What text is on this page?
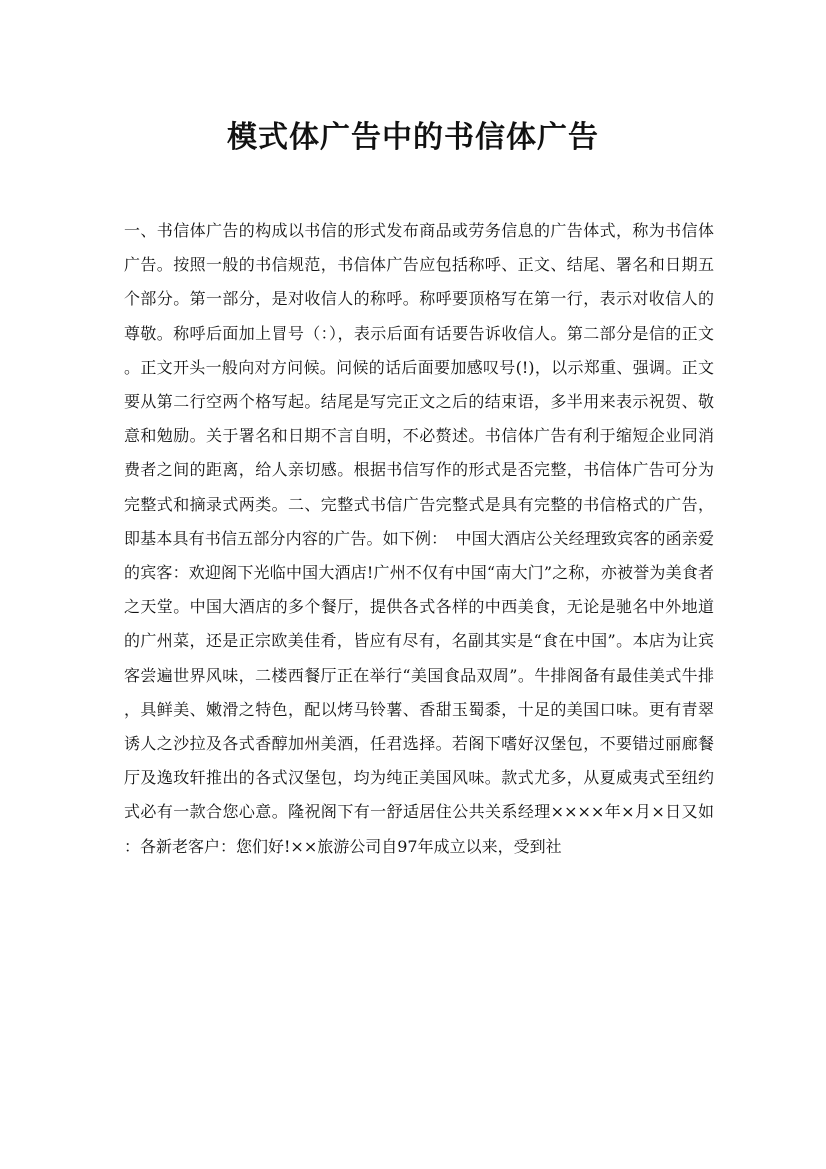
模式体广告中的书信体广告

一、书信体广告的构成以书信的形式发布商品或劳务信息的广告体式，称为书信体广告。按照一般的书信规范，书信体广告应包括称呼、正文、结尾、署名和日期五个部分。第一部分，是对收信人的称呼。称呼要顶格写在第一行，表示对收信人的尊敬。称呼后面加上冒号（：），表示后面有话要告诉收信人。第二部分是信的正文。正文开头一般向对方问候。问候的话后面要加感叹号(!)，以示郑重、强调。正文要从第二行空两个格写起。结尾是写完正文之后的结束语，多半用来表示祝贺、敬意和勉励。关于署名和日期不言自明，不必赘述。书信体广告有利于缩短企业同消费者之间的距离，给人亲切感。根据书信写作的形式是否完整，书信体广告可分为完整式和摘录式两类。二、完整式书信广告完整式是具有完整的书信格式的广告，即基本具有书信五部分内容的广告。如下例：　中国大酒店公关经理致宾客的函亲爱的宾客：欢迎阁下光临中国大酒店!广州不仅有中国“南大门”之称，亦被誉为美食者之天堂。中国大酒店的多个餐厅，提供各式各样的中西美食，无论是驰名中外地道的广州菜，还是正宗欧美佳肴，皆应有尽有，名副其实是“食在中国”。本店为让宾客尝遍世界风味，二楼西餐厅正在举行“美国食品双周”。牛排阁备有最佳美式牛排，具鲜美、嫩滑之特色，配以烤马铃薯、香甜玉蜀黍，十足的美国口味。更有青翠诱人之沙拉及各式香醇加州美酒，任君选择。若阁下嗜好汉堡包，不要错过丽廊餐厅及逸玫轩推出的各式汉堡包，均为纯正美国风味。款式尤多，从夏威夷式至纽约式必有一款合您心意。隆祝阁下有一舒适居住公共关系经理××××年×月×日又如：各新老客户：您们好!××旅游公司自97年成立以来，受到社
